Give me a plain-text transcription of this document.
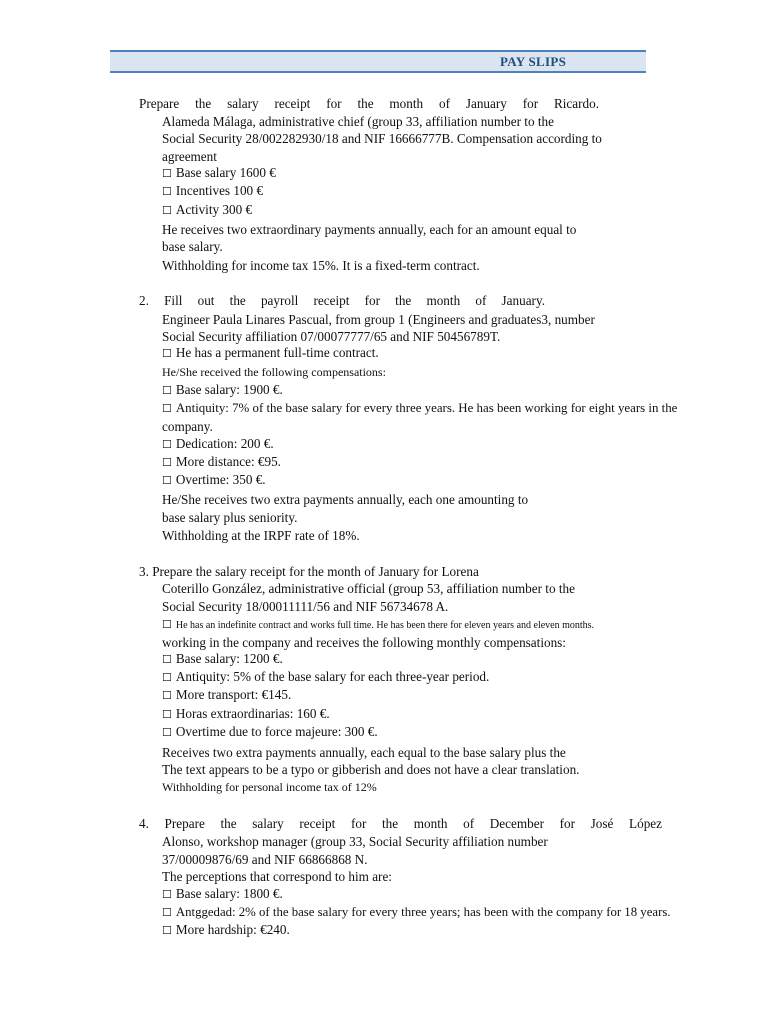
PAY SLIPS
Prepare the salary receipt for the month of January for Ricardo.
Alameda Málaga, administrative chief (group 33, affiliation number to the
Social Security 28/002282930/18 and NIF 16666777B. Compensation according to
agreement
☐ Base salary 1600 €
☐ Incentives 100 €
☐ Activity 300 €
He receives two extraordinary payments annually, each for an amount equal to
base salary.
Withholding for income tax 15%. It is a fixed-term contract.
2. Fill out the payroll receipt for the month of January.
Engineer Paula Linares Pascual, from group 1 (Engineers and graduates3, number
Social Security affiliation 07/00077777/65 and NIF 50456789T.
☐ He has a permanent full-time contract.
He/She received the following compensations:
☐ Base salary: 1900 €.
☐ Antiquity: 7% of the base salary for every three years. He has been working for eight years in the
company.
☐ Dedication: 200 €.
☐ More distance: €95.
☐ Overtime: 350 €.
He/She receives two extra payments annually, each one amounting to
base salary plus seniority.
Withholding at the IRPF rate of 18%.
3. Prepare the salary receipt for the month of January for Lorena
Coterillo González, administrative official (group 53, affiliation number to the
Social Security 18/00011111/56 and NIF 56734678 A.
☐ He has an indefinite contract and works full time. He has been there for eleven years and eleven months.
working in the company and receives the following monthly compensations:
☐ Base salary: 1200 €.
☐ Antiquity: 5% of the base salary for each three-year period.
☐ More transport: €145.
☐ Horas extraordinarias: 160 €.
☐ Overtime due to force majeure: 300 €.
Receives two extra payments annually, each equal to the base salary plus the
The text appears to be a typo or gibberish and does not have a clear translation.
Withholding for personal income tax of 12%
4. Prepare the salary receipt for the month of December for José López
Alonso, workshop manager (group 33, Social Security affiliation number
37/00009876/69 and NIF 66866868 N.
The perceptions that correspond to him are:
☐ Base salary: 1800 €.
☐ Antggedad: 2% of the base salary for every three years; has been with the company for 18 years.
☐ More hardship: €240.
